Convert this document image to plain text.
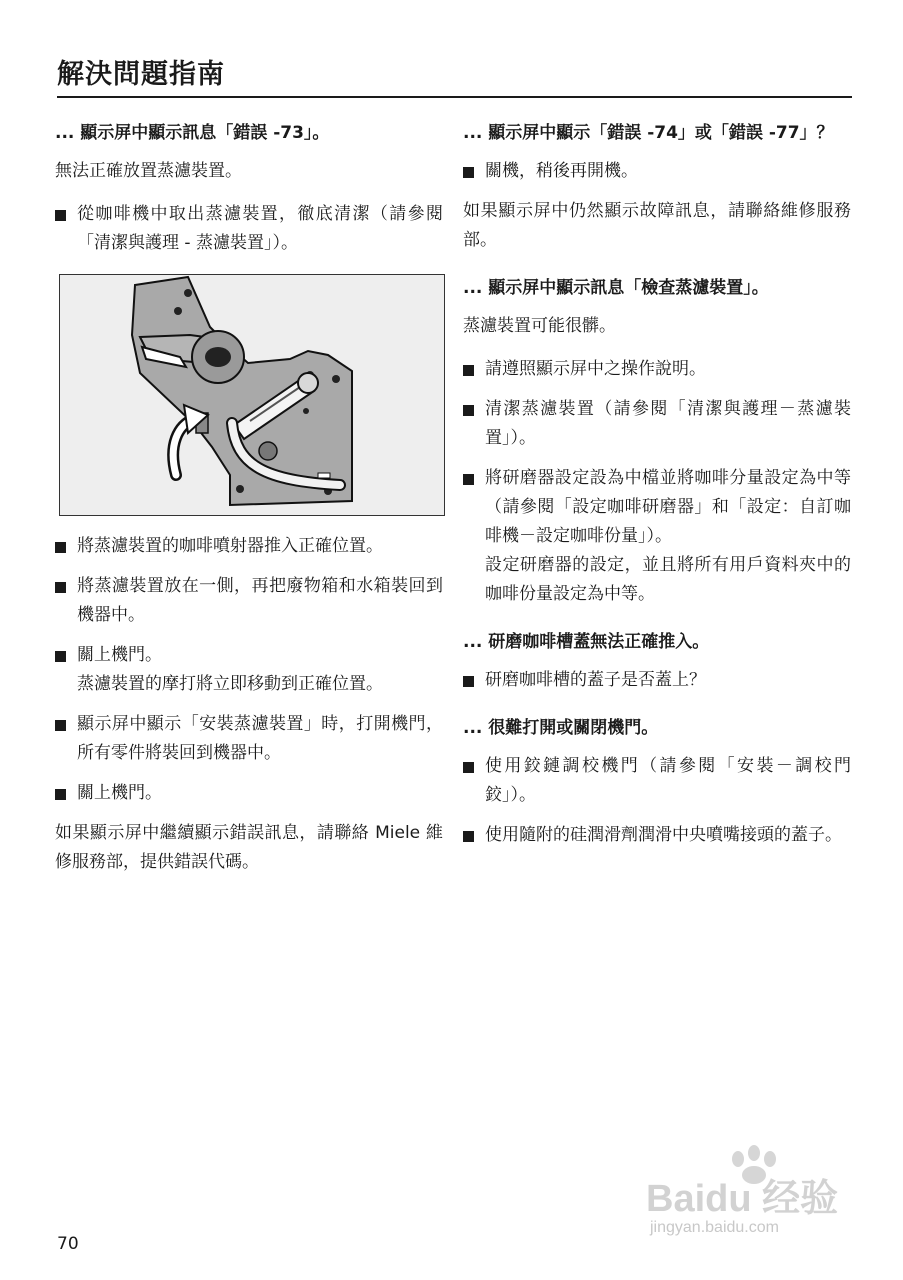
解決問題指南
... 顯示屏中顯示訊息「錯誤 -73」。
無法正確放置蒸濾裝置。
從咖啡機中取出蒸濾裝置，徹底清潔（請參閱「清潔與護理 - 蒸濾裝置」）。
將蒸濾裝置的咖啡噴射器推入正確位置。
將蒸濾裝置放在一側，再把廢物箱和水箱裝回到機器中。
關上機門。
蒸濾裝置的摩打將立即移動到正確位置。
顯示屏中顯示「安裝蒸濾裝置」時，打開機門，所有零件將裝回到機器中。
關上機門。
如果顯示屏中繼續顯示錯誤訊息，請聯絡 Miele 維修服務部，提供錯誤代碼。
... 顯示屏中顯示「錯誤 -74」或「錯誤 -77」？
關機，稍後再開機。
如果顯示屏中仍然顯示故障訊息，請聯絡維修服務部。
... 顯示屏中顯示訊息「檢查蒸濾裝置」。
蒸濾裝置可能很髒。
請遵照顯示屏中之操作說明。
清潔蒸濾裝置（請參閱「清潔與護理－蒸濾裝置」）。
將研磨器設定設為中檔並將咖啡分量設定為中等（請參閱「設定咖啡研磨器」和「設定：自訂咖啡機－設定咖啡份量」）。
設定研磨器的設定，並且將所有用戶資料夾中的咖啡份量設定為中等。
... 研磨咖啡槽蓋無法正確推入。
研磨咖啡槽的蓋子是否蓋上？
... 很難打開或關閉機門。
使用鉸鏈調校機門（請參閱「安裝－調校門鉸」）。
使用隨附的硅潤滑劑潤滑中央噴嘴接頭的蓋子。
70
Baidu 经验
jingyan.baidu.com
